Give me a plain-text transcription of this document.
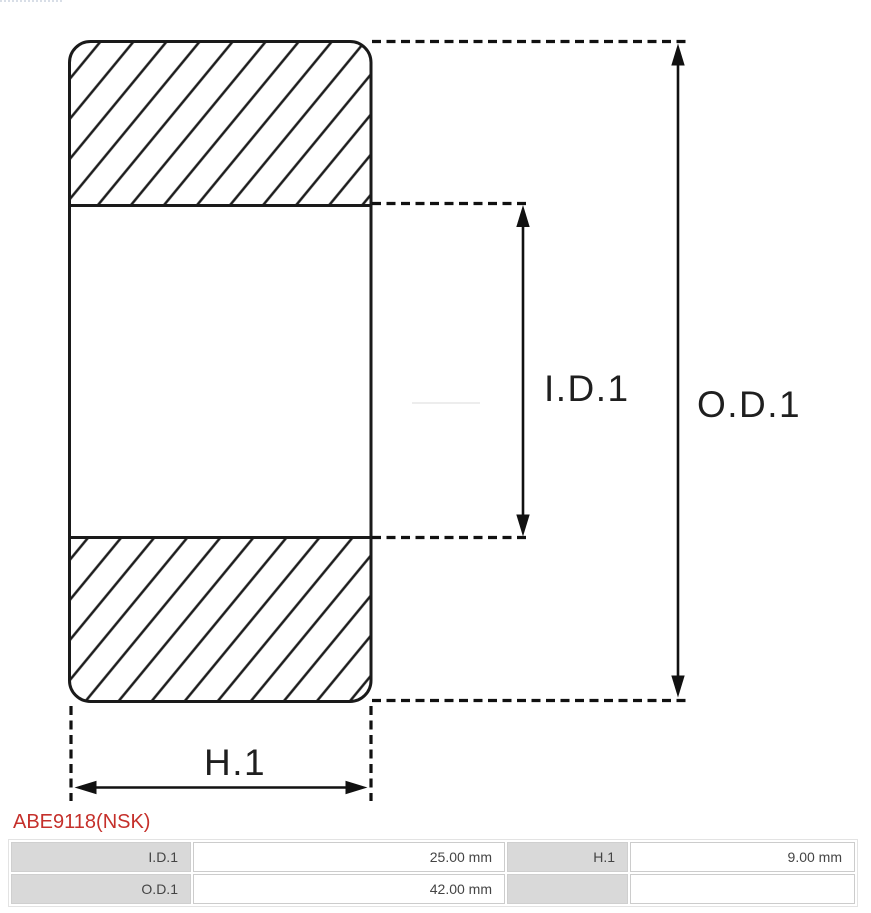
I.D.1 O.D.1
H.1
ABE9118(NSK)
I.D.1	25.00 mm	H.1	9.00 mm
O.D.1	42.00 mm		
